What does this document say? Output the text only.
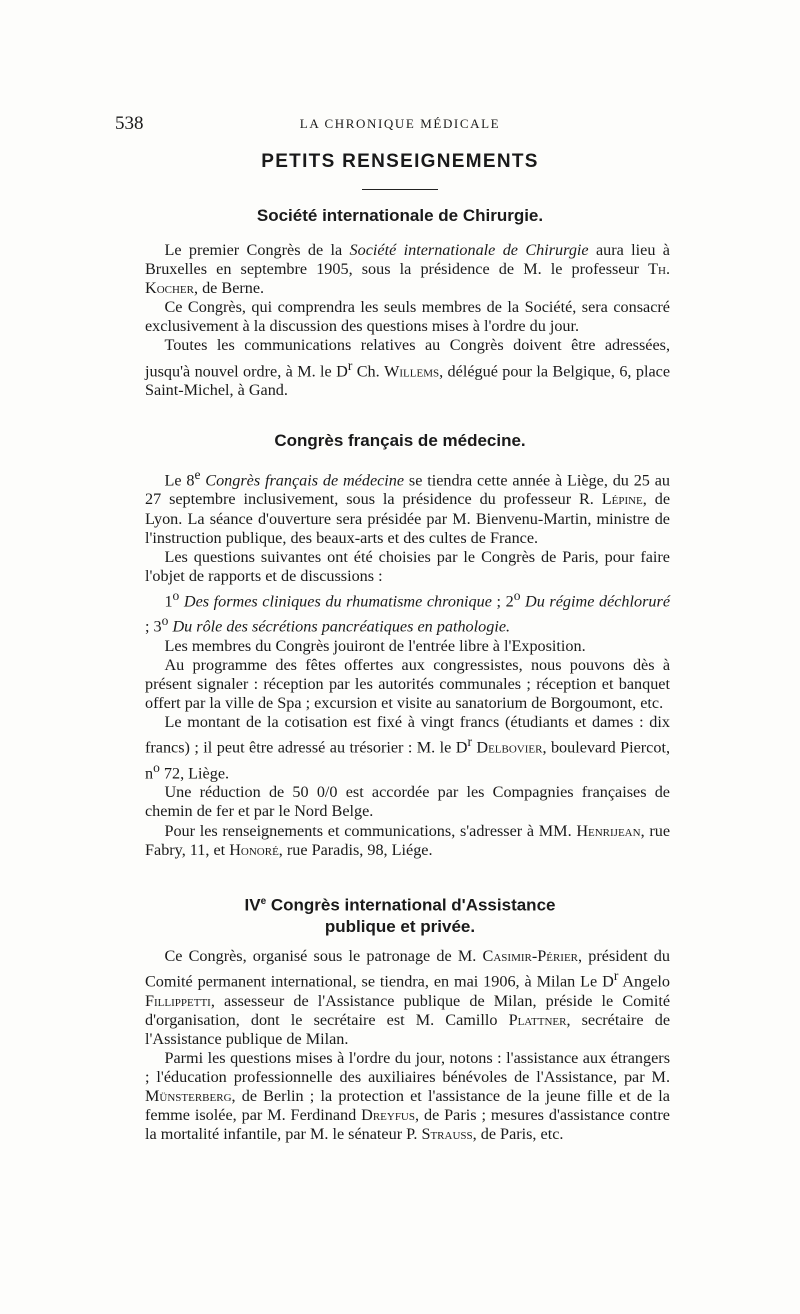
538	LA CHRONIQUE MÉDICALE
PETITS RENSEIGNEMENTS
Société internationale de Chirurgie.

Le premier Congrès de la Société internationale de Chirurgie aura lieu à Bruxelles en septembre 1905, sous la présidence de M. le professeur Th. Kocher, de Berne.

Ce Congrès, qui comprendra les seuls membres de la Société, sera consacré exclusivement à la discussion des questions mises à l'ordre du jour.

Toutes les communications relatives au Congrès doivent être adressées, jusqu'à nouvel ordre, à M. le $D^r$ Ch. Willems, délégué pour la Belgique, 6, place Saint-Michel, à Gand.

Congrès français de médecine.

Le 8e Congrès français de médecine se tiendra cette année à Liège, du 25 au 27 septembre inclusivement, sous la présidence du professeur R. Lépine, de Lyon. La séance d'ouverture sera présidée par M. Bienvenu-Martin, ministre de l'instruction publique, des beaux-arts et des cultes de France.

Les questions suivantes ont été choisies par le Congrès de Paris, pour faire l'objet de rapports et de discussions :

1$^o$ Des formes cliniques du rhumatisme chronique ; 2$^o$ Du régime déchloruré ; 3$^o$ Du rôle des sécrétions pancréatiques en pathologie.

Les membres du Congrès jouiront de l'entrée libre à l'Exposition.

Au programme des fêtes offertes aux congressistes, nous pouvons dès à présent signaler : réception par les autorités communales ; réception et banquet offert par la ville de Spa ; excursion et visite au sanatorium de Borgoumont, etc.

Le montant de la cotisation est fixé à vingt francs (étudiants et dames : dix francs) ; il peut être adressé au trésorier : M. le $D^r$ Delbovier, boulevard Piercot, $n^o$ 72, Liège.

Une réduction de 50 0/0 est accordée par les Compagnies françaises de chemin de fer et par le Nord Belge.

Pour les renseignements et communications, s'adresser à MM. Henrijean, rue Fabry, 11, et Honoré, rue Paradis, 98, Liége.

IVe Congrès international d'Assistance
publique et privée.

Ce Congrès, organisé sous le patronage de M. Casimir-Périer, président du Comité permanent international, se tiendra, en mai 1906, à Milan Le $D^r$ Angelo Fillippetti, assesseur de l'Assistance publique de Milan, préside le Comité d'organisation, dont le secrétaire est M. Camillo Plattner, secrétaire de l'Assistance publique de Milan.

Parmi les questions mises à l'ordre du jour, notons : l'assistance aux étrangers ; l'éducation professionnelle des auxiliaires bénévoles de l'Assistance, par M. Münsterberg, de Berlin ; la protection et l'assistance de la jeune fille et de la femme isolée, par M. Ferdinand Dreyfus, de Paris ; mesures d'assistance contre la mortalité infantile, par M. le sénateur P. Strauss, de Paris, etc.
